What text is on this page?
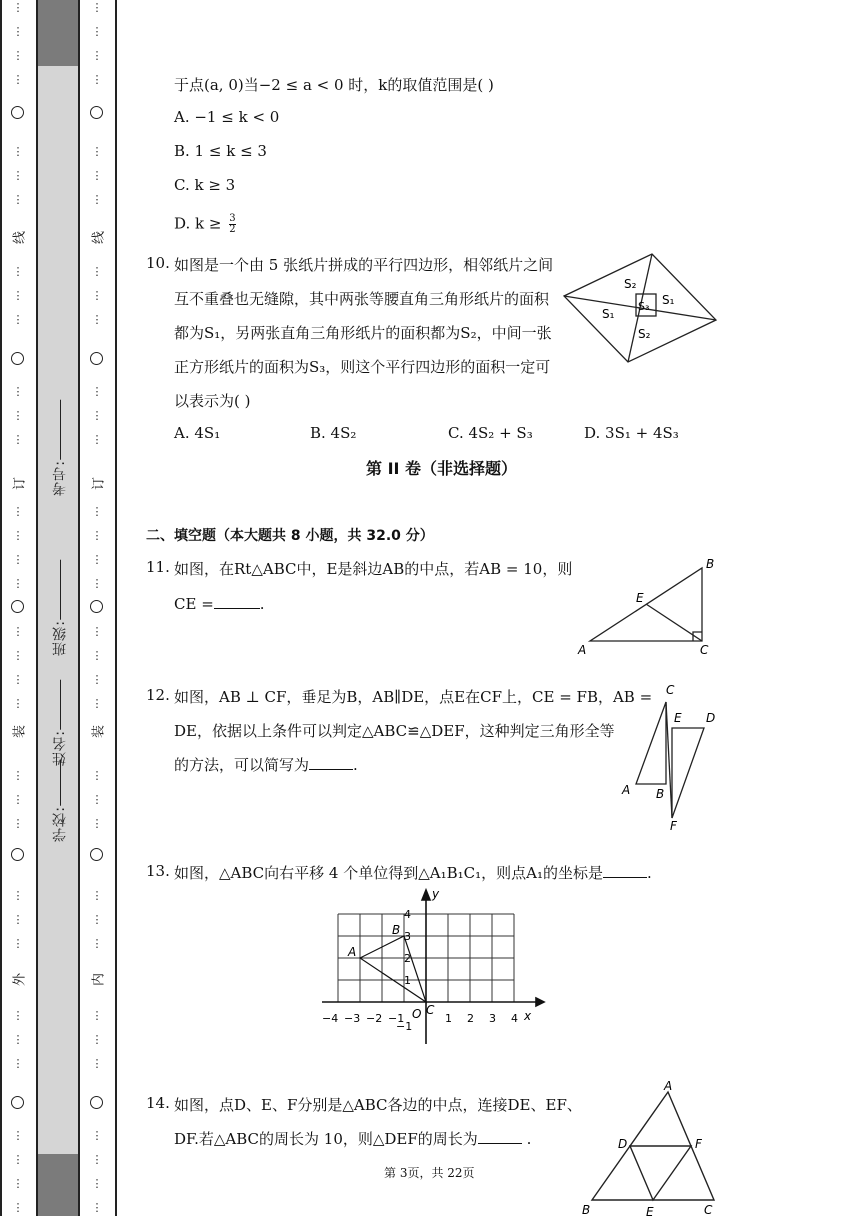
⋮
⋮
⋮
⋮
⋮
⋮
⋮
⋮
⋮
⋮
⋮
⋮
⋮
⋮
⋮
⋮
⋮
⋮
⋮
⋮
⋮
⋮
⋮
⋮
⋮
⋮
⋮
⋮
⋮
⋮
⋮
⋮
⋮
⋮
学校:
姓名:
班级:
考号:
⋮
⋮
⋮
⋮
⋮
⋮
⋮
⋮
⋮
⋮
⋮
⋮
⋮
⋮
⋮
⋮
⋮
⋮
⋮
⋮
⋮
⋮
⋮
⋮
⋮
⋮
⋮
⋮
⋮
⋮
⋮
⋮
⋮
⋮
线
订
装
外
线
订
装
内
于点(a, 0)当−2 ≤ a < 0 时，k的取值范围是( )
A. −1 ≤ k < 0
B. 1 ≤ k ≤ 3
C. k ≥ 3
D. $k \ge \frac{3}{2}$
10. 如图是一个由 5 张纸片拼成的平行四边形，相邻纸片之间
互不重叠也无缝隙，其中两张等腰直角三角形纸片的面积
都为S₁，另两张直角三角形纸片的面积都为S₂，中间一张
正方形纸片的面积为S₃，则这个平行四边形的面积一定可
以表示为( )
A. 4S₁	B. 4S₂	C. 4S₂ + S₃	D. 3S₁ + 4S₃
S₂
S₁
S₃
S₁
S₂
第 II 卷（非选择题）
二、填空题（本大题共 8 小题，共 32.0 分）
11. 如图，在Rt△ABC中，E是斜边AB的中点，若AB = 10，则
CE =	.
A
B
C
E
12. 如图，AB ⊥ CF，垂足为B，AB∥DE，点E在CF上，CE = FB，AB =
DE，依据以上条件可以判定△ABC≌△DEF，这种判定三角形全等
的方法，可以简写为	.
A B
C
D
E
F
13. 如图，△ABC向右平移 4 个单位得到△A₁B₁C₁，则点A₁的坐标是	.
y
x
O
A
B
C
−4 −3 −2 −1	1 2 3 4
1
2
3
4
−1
14. 如图，点D、E、F分别是△ABC各边的中点，连接DE、EF、
DF.若△ABC的周长为 10，则△DEF的周长为	.
A
B	C
D
E
F
第 3页，共 22页
